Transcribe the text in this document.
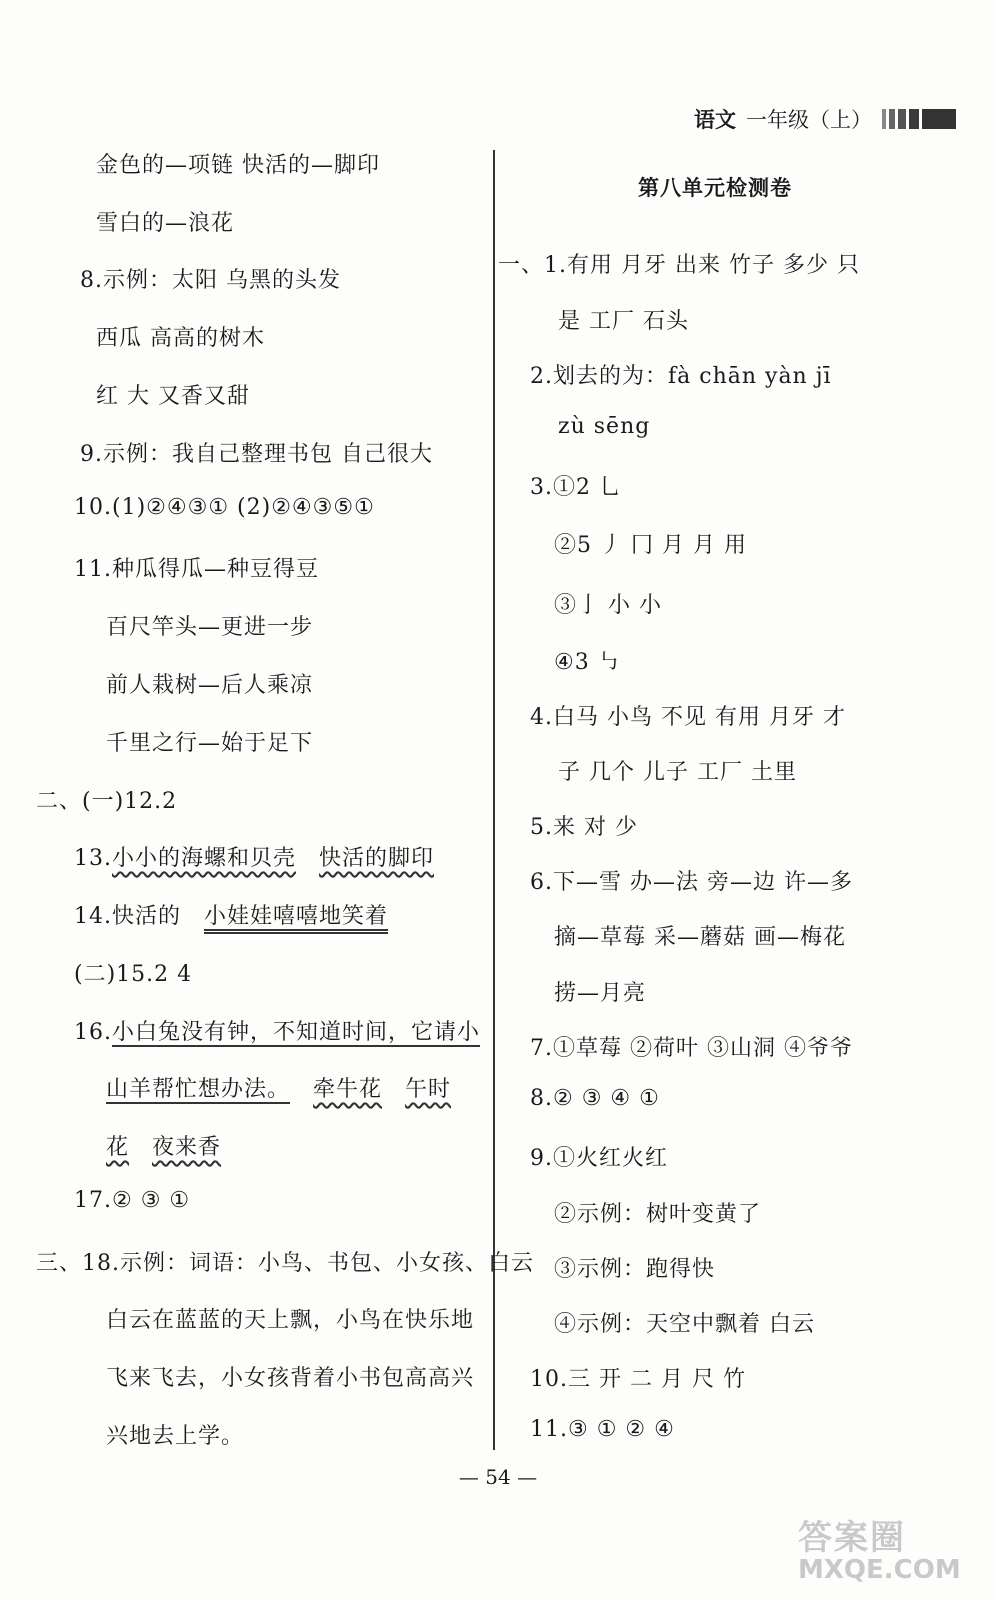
语文 一年级（上）
金色的—项链 快活的—脚印
雪白的—浪花
8.示例：太阳 乌黑的头发
西瓜 高高的树木
红 大 又香又甜
9.示例：我自己整理书包 自己很大
10.(1)②④③① (2)②④③⑤①
11.种瓜得瓜—种豆得豆
百尺竿头—更进一步
前人栽树—后人乘凉
千里之行—始于足下
二、(一)12.2
13.小小的海螺和贝壳  快活的脚印
14.快活的  小娃娃嘻嘻地笑着
(二)15.2 4
16.小白兔没有钟，不知道时间，它请小
山羊帮忙想办法。  牵牛花  午时
花  夜来香
17.② ③ ①
三、18.示例：词语：小鸟、书包、小女孩、白云
白云在蓝蓝的天上飘，小鸟在快乐地
飞来飞去，小女孩背着小书包高高兴
兴地去上学。
第八单元检测卷
一、1.有用 月牙 出来 竹子 多少 只
是 工厂 石头
2.划去的为：fà chān yàn jī
zù sēng
3.①2 乚
②5 丿 冂 月 月 用
③亅 小 小
④3 ㇉
4.白马 小鸟 不见 有用 月牙 才
子 几个 儿子 工厂 土里
5.来 对 少
6.下—雪 办—法 旁—边 许—多
摘—草莓 采—蘑菇 画—梅花
捞—月亮
7.①草莓 ②荷叶 ③山洞 ④爷爷
8.② ③ ④ ①
9.①火红火红
②示例：树叶变黄了
③示例：跑得快
④示例：天空中飘着 白云
10.三 开 二 月 尺 竹
11.③ ① ② ④
— 54 —
答案圈
MXQE.COM
